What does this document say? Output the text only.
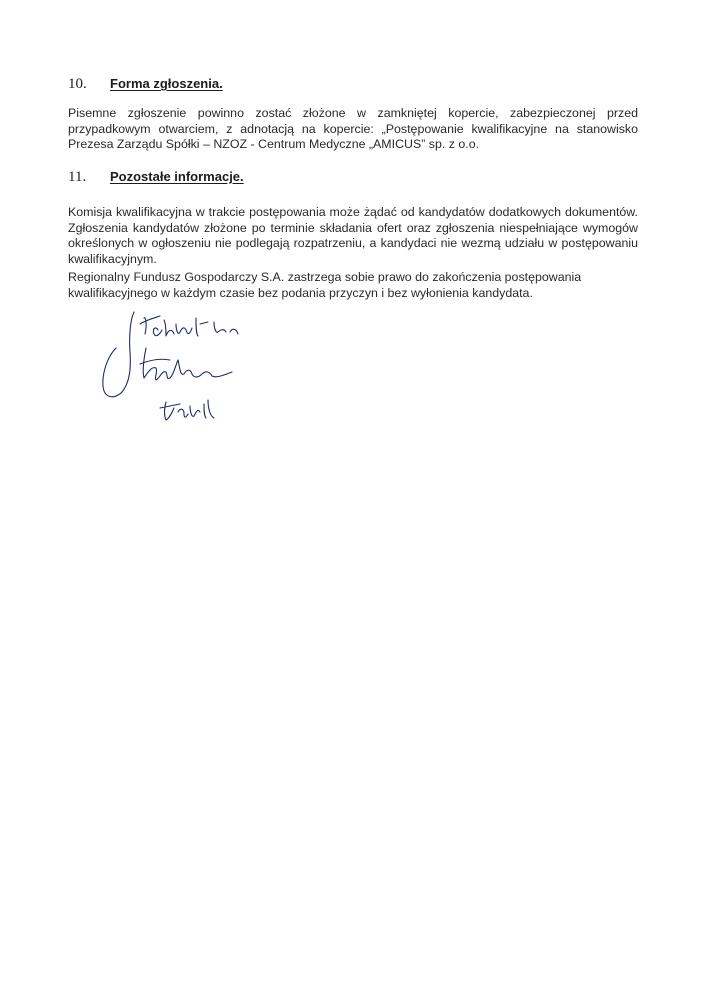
10.	Forma zgłoszenia.

Pisemne zgłoszenie powinno zostać złożone w zamkniętej kopercie, zabezpieczonej przed przypadkowym otwarciem, z adnotacją na kopercie: „Postępowanie kwalifikacyjne na stanowisko Prezesa Zarządu Spółki – NZOZ - Centrum Medyczne „AMICUS” sp. z o.o.

11.	Pozostałe informacje.

Komisja kwalifikacyjna w trakcie postępowania może żądać od kandydatów dodatkowych dokumentów. Zgłoszenia kandydatów złożone po terminie składania ofert oraz zgłoszenia niespełniające wymogów określonych w ogłoszeniu nie podlegają rozpatrzeniu, a kandydaci nie wezmą udziału w postępowaniu kwalifikacyjnym.

Regionalny Fundusz Gospodarczy S.A. zastrzega sobie prawo do zakończenia postępowania kwalifikacyjnego w każdym czasie bez podania przyczyn i bez wyłonienia kandydata.
